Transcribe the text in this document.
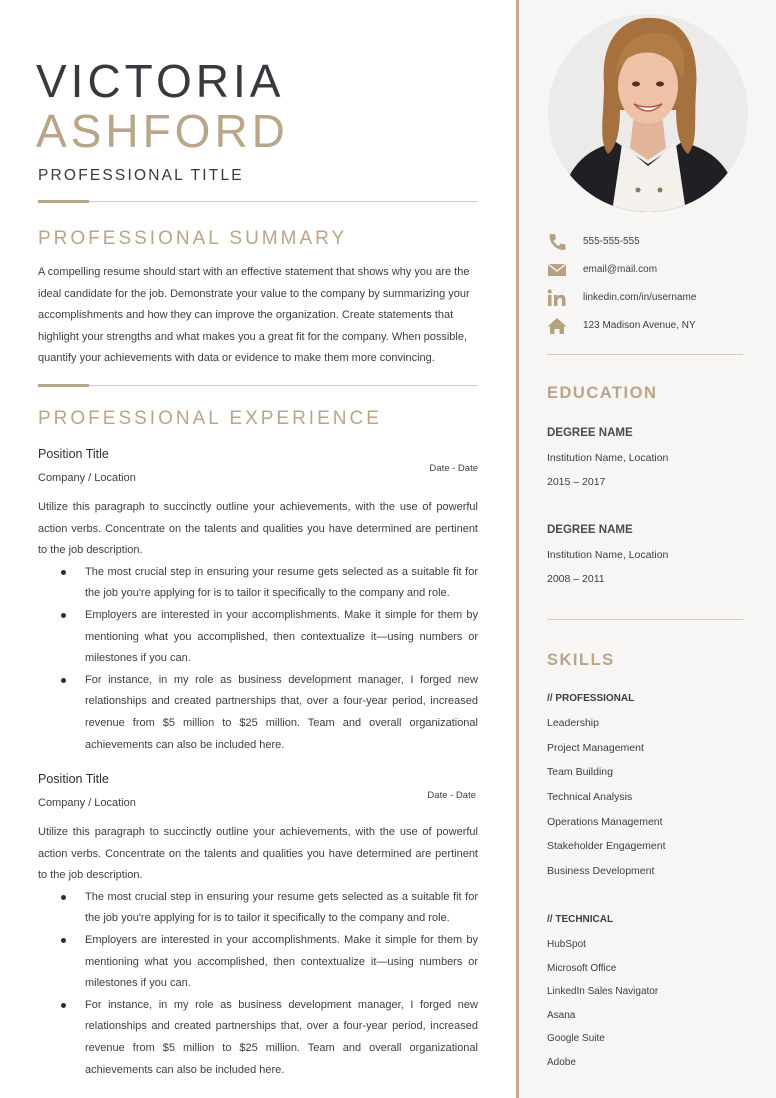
VICTORIA
ASHFORD
PROFESSIONAL TITLE
PROFESSIONAL SUMMARY
A compelling resume should start with an effective statement that shows why you are the ideal candidate for the job. Demonstrate your value to the company by summarizing your accomplishments and how they can improve the organization. Create statements that highlight your strengths and what makes you a great fit for the company. When possible, quantify your achievements with data or evidence to make them more convincing.
PROFESSIONAL EXPERIENCE
Position Title
Company / Location
Date - Date
Utilize this paragraph to succinctly outline your achievements, with the use of powerful action verbs. Concentrate on the talents and qualities you have determined are pertinent to the job description.
The most crucial step in ensuring your resume gets selected as a suitable fit for the job you're applying for is to tailor it specifically to the company and role.
Employers are interested in your accomplishments. Make it simple for them by mentioning what you accomplished, then contextualize it—using numbers or milestones if you can.
For instance, in my role as business development manager, I forged new relationships and created partnerships that, over a four-year period, increased revenue from $5 million to $25 million. Team and overall organizational achievements can also be included here.
Position Title
Company / Location
Date - Date
Utilize this paragraph to succinctly outline your achievements, with the use of powerful action verbs. Concentrate on the talents and qualities you have determined are pertinent to the job description.
The most crucial step in ensuring your resume gets selected as a suitable fit for the job you're applying for is to tailor it specifically to the company and role.
Employers are interested in your accomplishments. Make it simple for them by mentioning what you accomplished, then contextualize it—using numbers or milestones if you can.
For instance, in my role as business development manager, I forged new relationships and created partnerships that, over a four-year period, increased revenue from $5 million to $25 million. Team and overall organizational achievements can also be included here.
555-555-555
email@mail.com
linkedin.com/in/username
123 Madison Avenue, NY
EDUCATION
DEGREE NAME
Institution Name, Location
2015 – 2017
DEGREE NAME
Institution Name, Location
2008 – 2011
SKILLS
// PROFESSIONAL
Leadership
Project Management
Team Building
Technical Analysis
Operations Management
Stakeholder Engagement
Business Development
// TECHNICAL
HubSpot
Microsoft Office
LinkedIn Sales Navigator
Asana
Google Suite
Adobe
